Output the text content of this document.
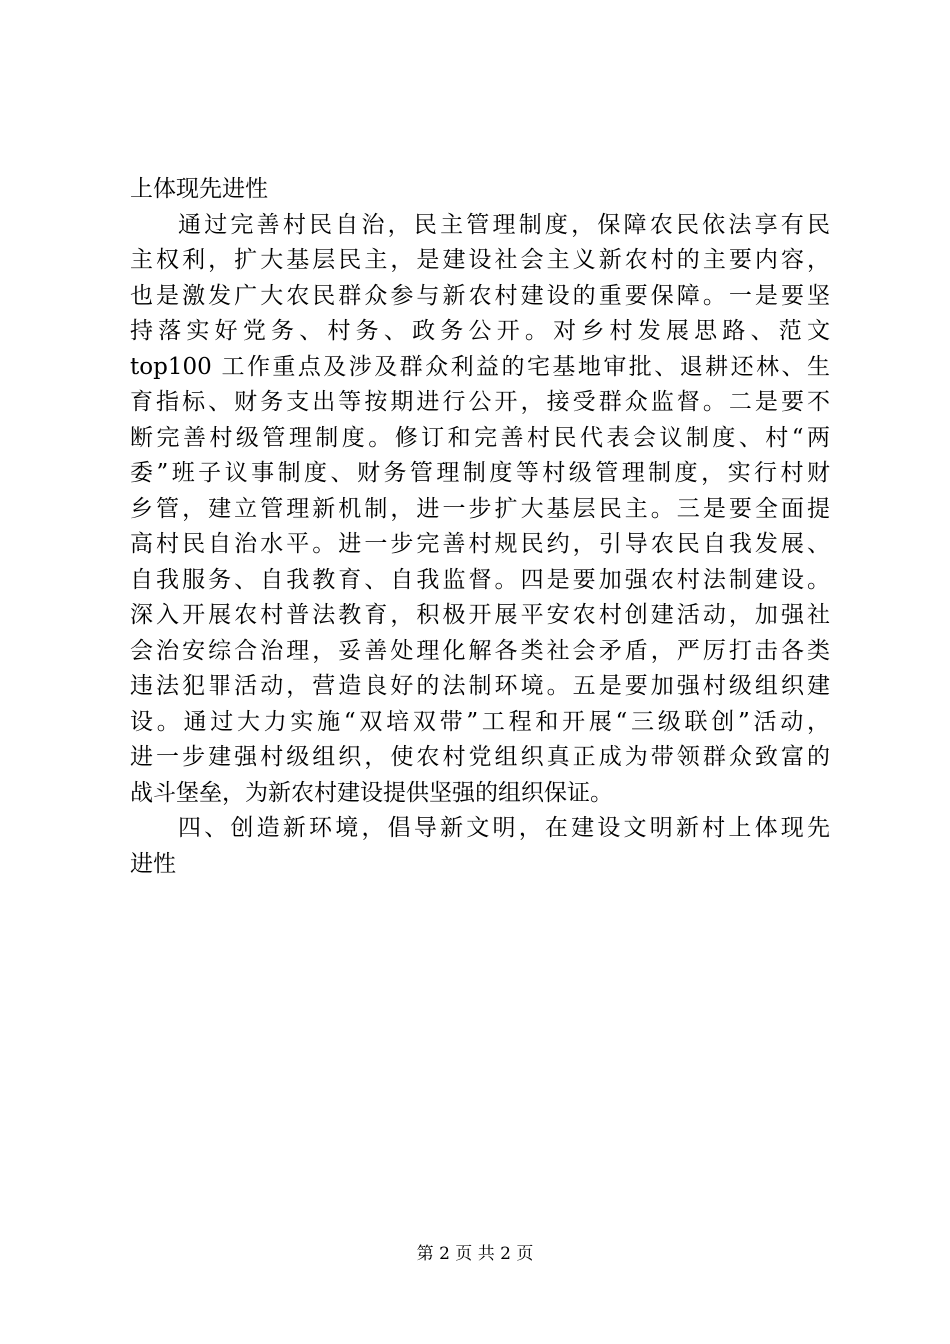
上体现先进性
通过完善村民自治，民主管理制度，保障农民依法享有民
主权利，扩大基层民主，是建设社会主义新农村的主要内容，
也是激发广大农民群众参与新农村建设的重要保障。一是要坚
持落实好党务、村务、政务公开。对乡村发展思路、范文
top100 工作重点及涉及群众利益的宅基地审批、退耕还林、生
育指标、财务支出等按期进行公开，接受群众监督。二是要不
断完善村级管理制度。修订和完善村民代表会议制度、村“两
委”班子议事制度、财务管理制度等村级管理制度，实行村财
乡管，建立管理新机制，进一步扩大基层民主。三是要全面提
高村民自治水平。进一步完善村规民约，引导农民自我发展、
自我服务、自我教育、自我监督。四是要加强农村法制建设。
深入开展农村普法教育，积极开展平安农村创建活动，加强社
会治安综合治理，妥善处理化解各类社会矛盾，严厉打击各类
违法犯罪活动，营造良好的法制环境。五是要加强村级组织建
设。通过大力实施“双培双带”工程和开展“三级联创”活动，
进一步建强村级组织，使农村党组织真正成为带领群众致富的
战斗堡垒，为新农村建设提供坚强的组织保证。
四、创造新环境，倡导新文明，在建设文明新村上体现先
进性
第 2 页 共 2 页
